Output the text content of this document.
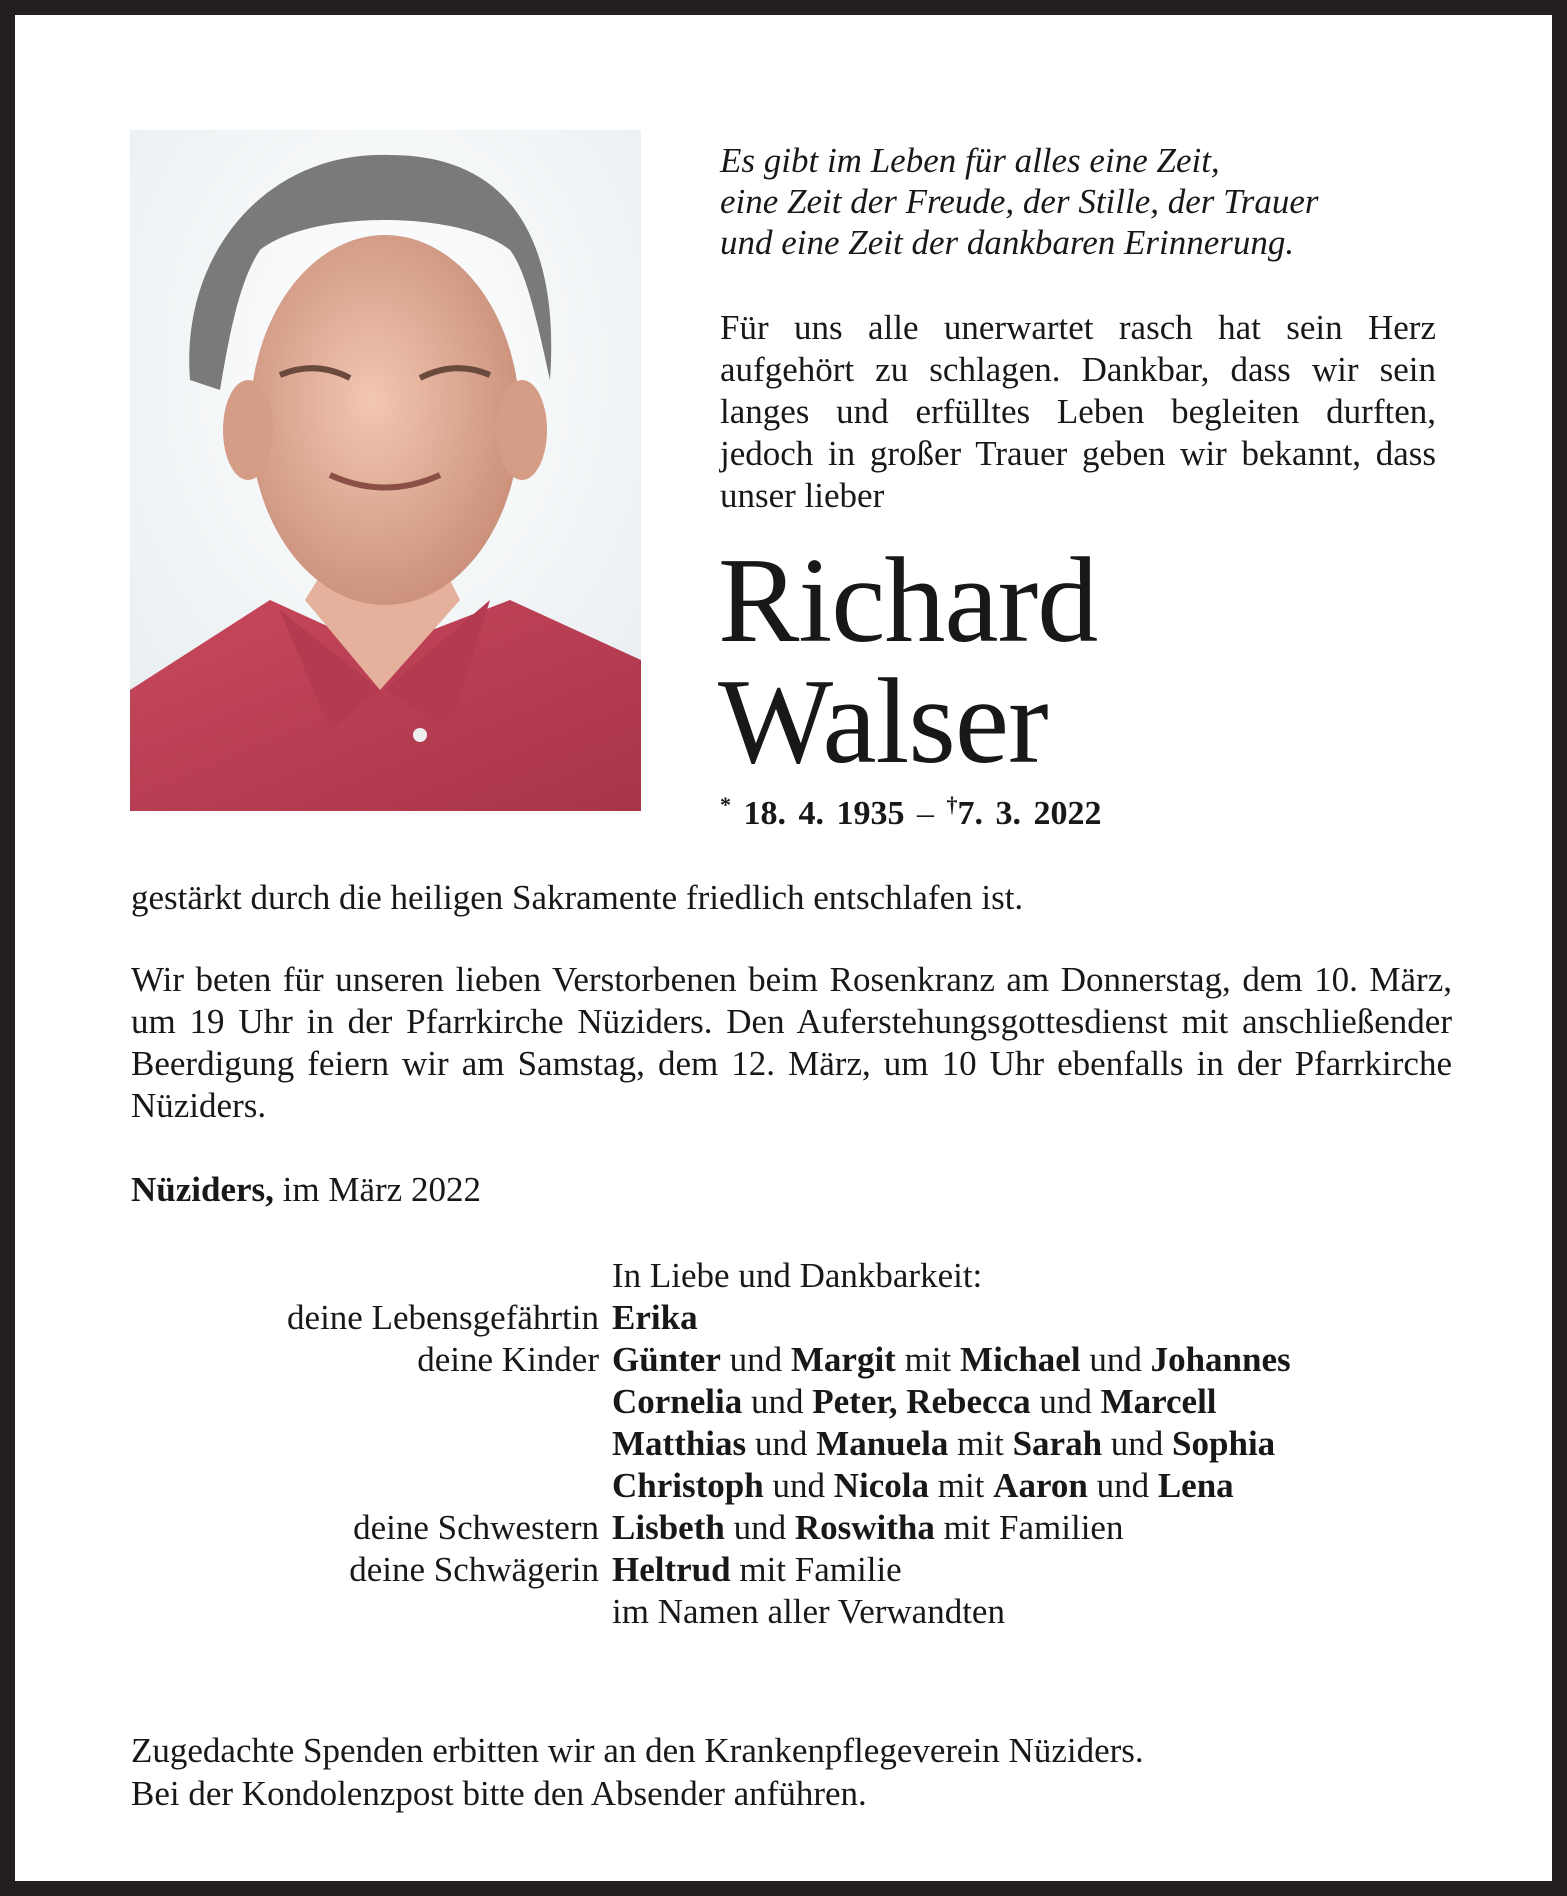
Es gibt im Leben für alles eine Zeit,
eine Zeit der Freude, der Stille, der Trauer
und eine Zeit der dankbaren Erinnerung.
Für uns alle unerwartet rasch hat sein Herz aufgehört zu schlagen. Dankbar, dass wir sein langes und erfülltes Leben begleiten durften, jedoch in großer Trauer geben wir bekannt, dass unser lieber
Richard
Walser
* 18. 4. 1935 – †7. 3. 2022
gestärkt durch die heiligen Sakramente friedlich entschlafen ist.
Wir beten für unseren lieben Verstorbenen beim Rosenkranz am Donnerstag, dem 10. März, um 19 Uhr in der Pfarrkirche Nüziders. Den Auferstehungsgottesdienst mit anschließender Beerdigung feiern wir am Samstag, dem 12. März, um 10 Uhr ebenfalls in der Pfarrkirche Nüziders.
Nüziders, im März 2022
In Liebe und Dankbarkeit:
deine Lebensgefährtin Erika
deine Kinder Günter und Margit mit Michael und Johannes
Cornelia und Peter, Rebecca und Marcell
Matthias und Manuela mit Sarah und Sophia
Christoph und Nicola mit Aaron und Lena
deine Schwestern Lisbeth und Roswitha mit Familien
deine Schwägerin Heltrud mit Familie
im Namen aller Verwandten
Zugedachte Spenden erbitten wir an den Krankenpflegeverein Nüziders.
Bei der Kondolenzpost bitte den Absender anführen.
